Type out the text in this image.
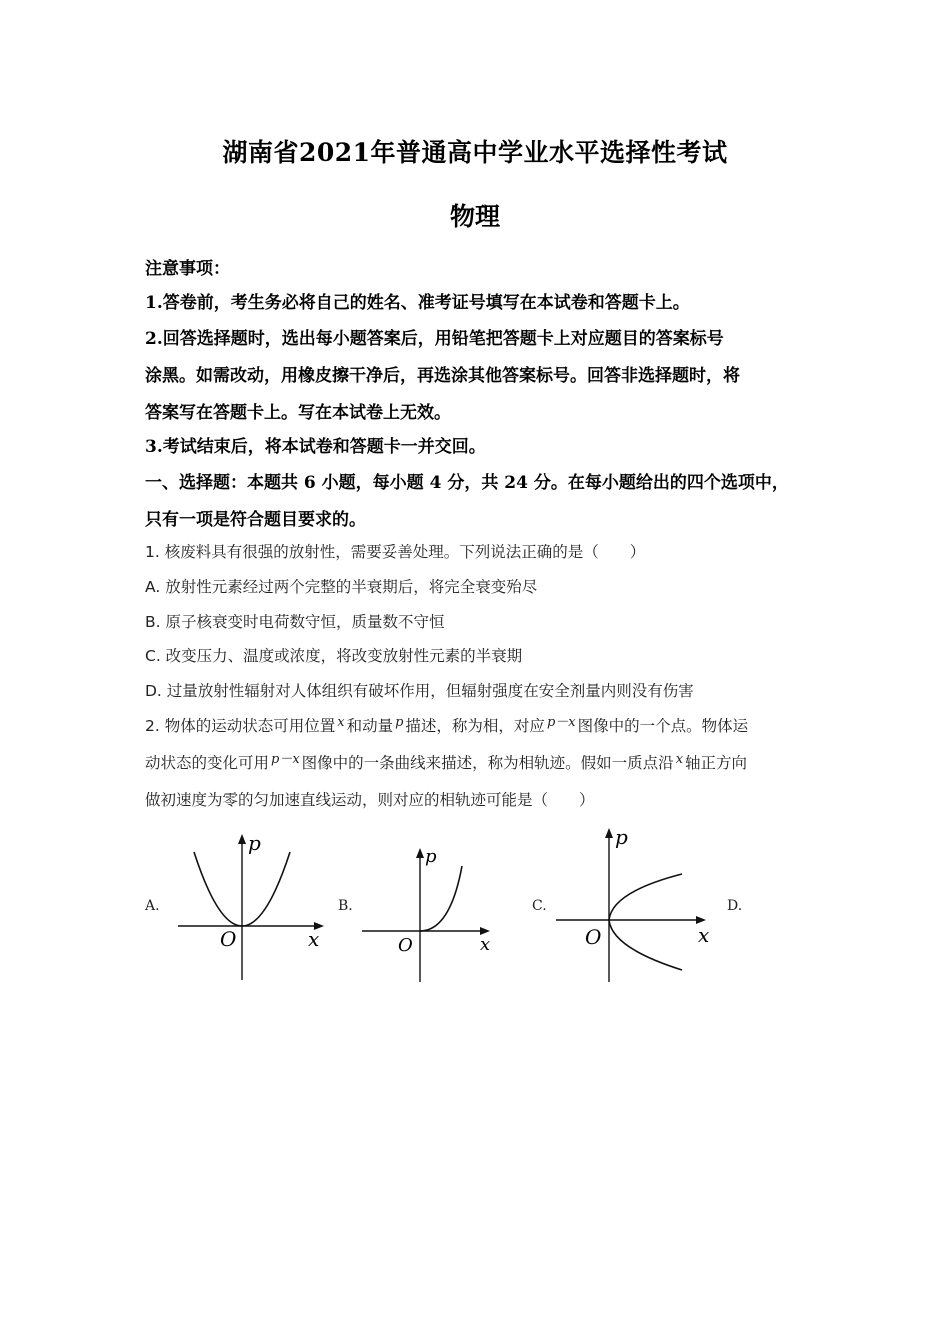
湖南省2021年普通高中学业水平选择性考试
物理
注意事项：
1.答卷前，考生务必将自己的姓名、准考证号填写在本试卷和答题卡上。
2.回答选择题时，选出每小题答案后，用铅笔把答题卡上对应题目的答案标号
涂黑。如需改动，用橡皮擦干净后，再选涂其他答案标号。回答非选择题时，将
答案写在答题卡上。写在本试卷上无效。
3.考试结束后，将本试卷和答题卡一并交回。
一、选择题：本题共 6 小题，每小题 4 分，共 24 分。在每小题给出的四个选项中，
只有一项是符合题目要求的。
1. 核废料具有很强的放射性，需要妥善处理。下列说法正确的是（　　）
A. 放射性元素经过两个完整的半衰期后，将完全衰变殆尽
B. 原子核衰变时电荷数守恒，质量数不守恒
C. 改变压力、温度或浓度，将改变放射性元素的半衰期
D. 过量放射性辐射对人体组织有破坏作用，但辐射强度在安全剂量内则没有伤害
2. 物体的运动状态可用位置 $^x$ 和动量 $^p$ 描述，称为相，对应 $^{p-x}$ 图像中的一个点。物体运
动状态的变化可用 $^{p-x}$ 图像中的一条曲线来描述，称为相轨迹。假如一质点沿 $^x$ 轴正方向
做初速度为零的匀加速直线运动，则对应的相轨迹可能是（　　）
A.	B.	C.	D.
p
x
O
p
x
O
p
x
O
